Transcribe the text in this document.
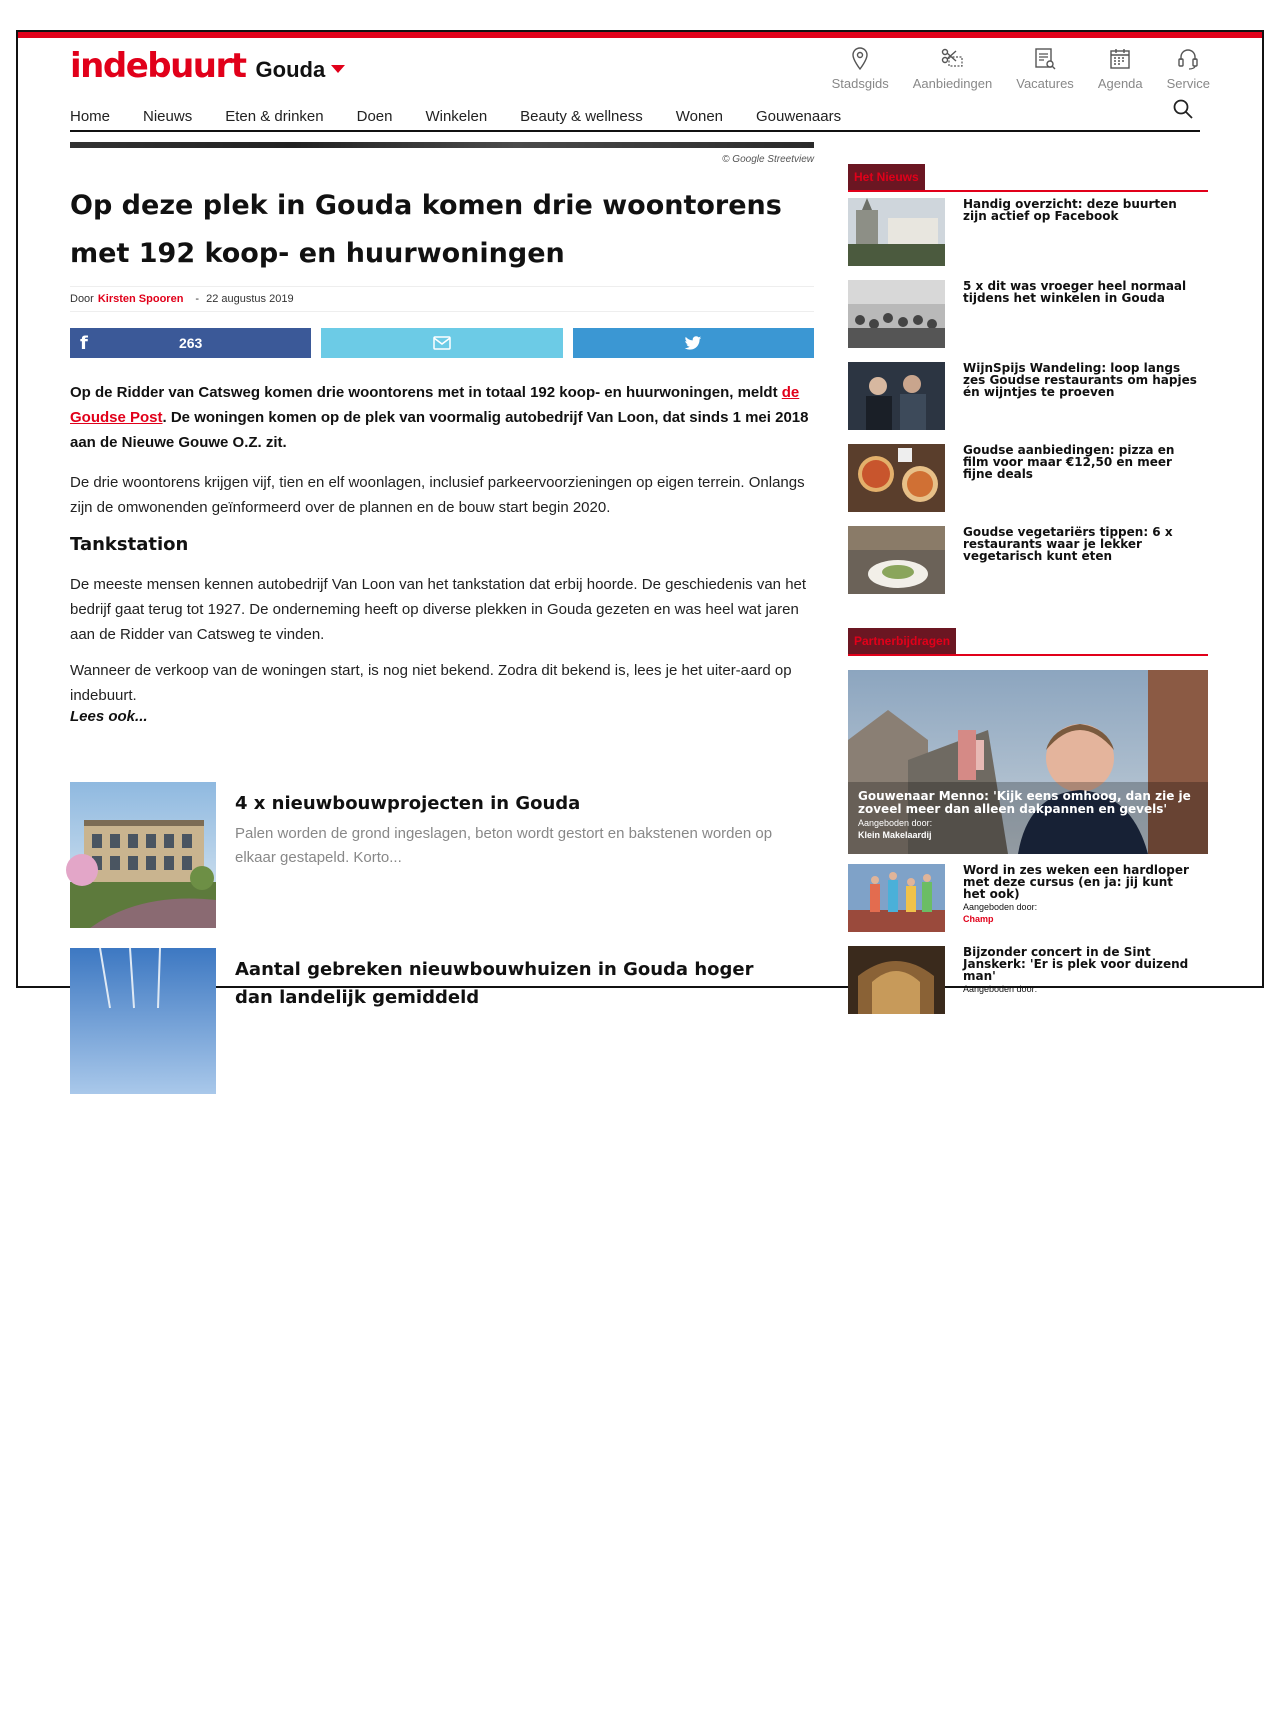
indebuurt Gouda
Stadsgids Aanbiedingen Vacatures Agenda Service
Home Nieuws Eten & drinken Doen Winkelen Beauty & wellness Wonen Gouwenaars
© Google Streetview
Op deze plek in Gouda komen drie woontorens met 192 koop- en huurwoningen
Door Kirsten Spooren - 22 augustus 2019
f	263

Op de Ridder van Catsweg komen drie woontorens met in totaal 192 koop- en huurwoningen, meldt de Goudse Post. De woningen komen op de plek van voormalig autobedrijf Van Loon, dat sinds 1 mei 2018 aan de Nieuwe Gouwe O.Z. zit.

De drie woontorens krijgen vijf, tien en elf woonlagen, inclusief parkeervoorzieningen op eigen terrein. Onlangs zijn de omwonenden geïnformeerd over de plannen en de bouw start begin 2020.

Tankstation

De meeste mensen kennen autobedrijf Van Loon van het tankstation dat erbij hoorde. De geschiedenis van het bedrijf gaat terug tot 1927. De onderneming heeft op diverse plekken in Gouda gezeten en was heel wat jaren aan de Ridder van Catsweg te vinden.

Wanneer de verkoop van de woningen start, is nog niet bekend. Zodra dit bekend is, lees je het uiter-aard op indebuurt.

Lees ook...
4 x nieuwbouwprojecten in Gouda
Palen worden de grond ingeslagen, beton wordt gestort en bakstenen worden op elkaar gestapeld. Korto...
Aantal gebreken nieuwbouwhuizen in Gouda hoger dan landelijk gemiddeld
Het Nieuws
Handig overzicht: deze buurten zijn actief op Facebook
5 x dit was vroeger heel normaal tijdens het winkelen in Gouda
WijnSpijs Wandeling: loop langs zes Goudse restaurants om hapjes én wijntjes te proeven
Goudse aanbiedingen: pizza en film voor maar €12,50 en meer fijne deals
Goudse vegetariërs tippen: 6 x restaurants waar je lekker vegetarisch kunt eten
Partnerbijdragen
Gouwenaar Menno: 'Kijk eens omhoog, dan zie je zoveel meer dan alleen dakpannen en gevels'
Aangeboden door:
Klein Makelaardij
Word in zes weken een hardloper met deze cursus (en ja: jij kunt het ook)
Aangeboden door:
Champ
Bijzonder concert in de Sint Janskerk: 'Er is plek voor duizend man'
Aangeboden door:
